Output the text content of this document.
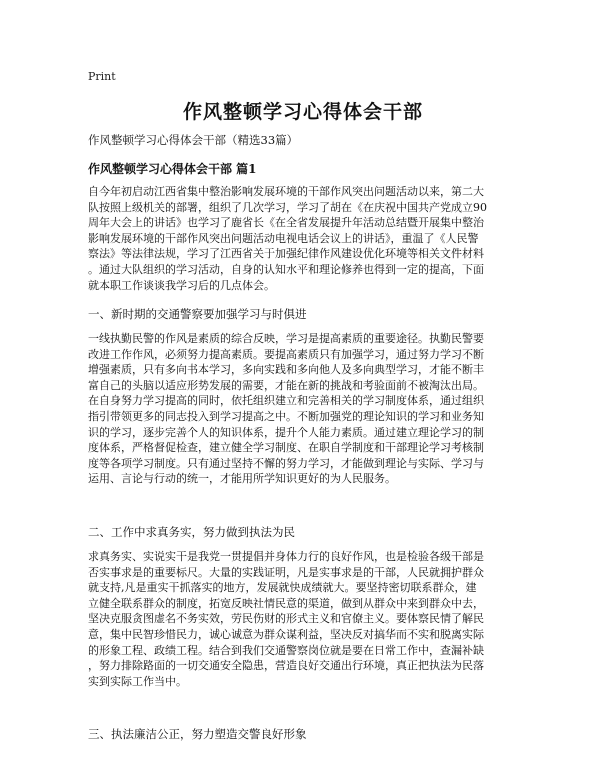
Print
作风整顿学习心得体会干部
作风整顿学习心得体会干部（精选33篇）
作风整顿学习心得体会干部 篇1
自今年初启动江西省集中整治影响发展环境的干部作风突出问题活动以来，第二大
队按照上级机关的部署，组织了几次学习，学习了胡在《在庆祝中国共产党成立90
周年大会上的讲话》也学习了鹿省长《在全省发展提升年活动总结暨开展集中整治
影响发展环境的干部作风突出问题活动电视电话会议上的讲话》，重温了《人民警
察法》等法律法规，学习了江西省关于加强纪律作风建设优化环境等相关文件材料
。通过大队组织的学习活动，自身的认知水平和理论修养也得到一定的提高，下面
就本职工作谈谈我学习后的几点体会。
一、新时期的交通警察要加强学习与时俱进
一线执勤民警的作风是素质的综合反映，学习是提高素质的重要途径。执勤民警要
改进工作作风，必须努力提高素质。要提高素质只有加强学习，通过努力学习不断
增强素质，只有多向书本学习，多向实践和多向他人及多向典型学习，才能不断丰
富自己的头脑以适应形势发展的需要，才能在新的挑战和考验面前不被淘汰出局。
在自身努力学习提高的同时，依托组织建立和完善相关的学习制度体系，通过组织
指引带领更多的同志投入到学习提高之中。不断加强党的理论知识的学习和业务知
识的学习，逐步完善个人的知识体系，提升个人能力素质。通过建立理论学习的制
度体系，严格督促检查，建立健全学习制度、在职自学制度和干部理论学习考核制
度等各项学习制度。只有通过坚持不懈的努力学习，才能做到理论与实际、学习与
运用、言论与行动的统一，才能用所学知识更好的为人民服务。
二、工作中求真务实，努力做到执法为民
求真务实、实说实干是我党一贯提倡并身体力行的良好作风，也是检验各级干部是
否实事求是的重要标尺。大量的实践证明，凡是实事求是的干部，人民就拥护群众
就支持,凡是重实干抓落实的地方，发展就快成绩就大。要坚持密切联系群众，建
立健全联系群众的制度，拓宽反映社情民意的渠道，做到从群众中来到群众中去，
坚决克服贪图虚名不务实效，劳民伤财的形式主义和官僚主义。要体察民情了解民
意，集中民智珍惜民力，诚心诚意为群众谋利益，坚决反对搞华而不实和脱离实际
的形象工程、政绩工程。结合到我们交通警察岗位就是要在日常工作中，查漏补缺
，努力排除路面的一切交通安全隐患，营造良好交通出行环境，真正把执法为民落
实到实际工作当中。
三、执法廉洁公正，努力塑造交警良好形象
